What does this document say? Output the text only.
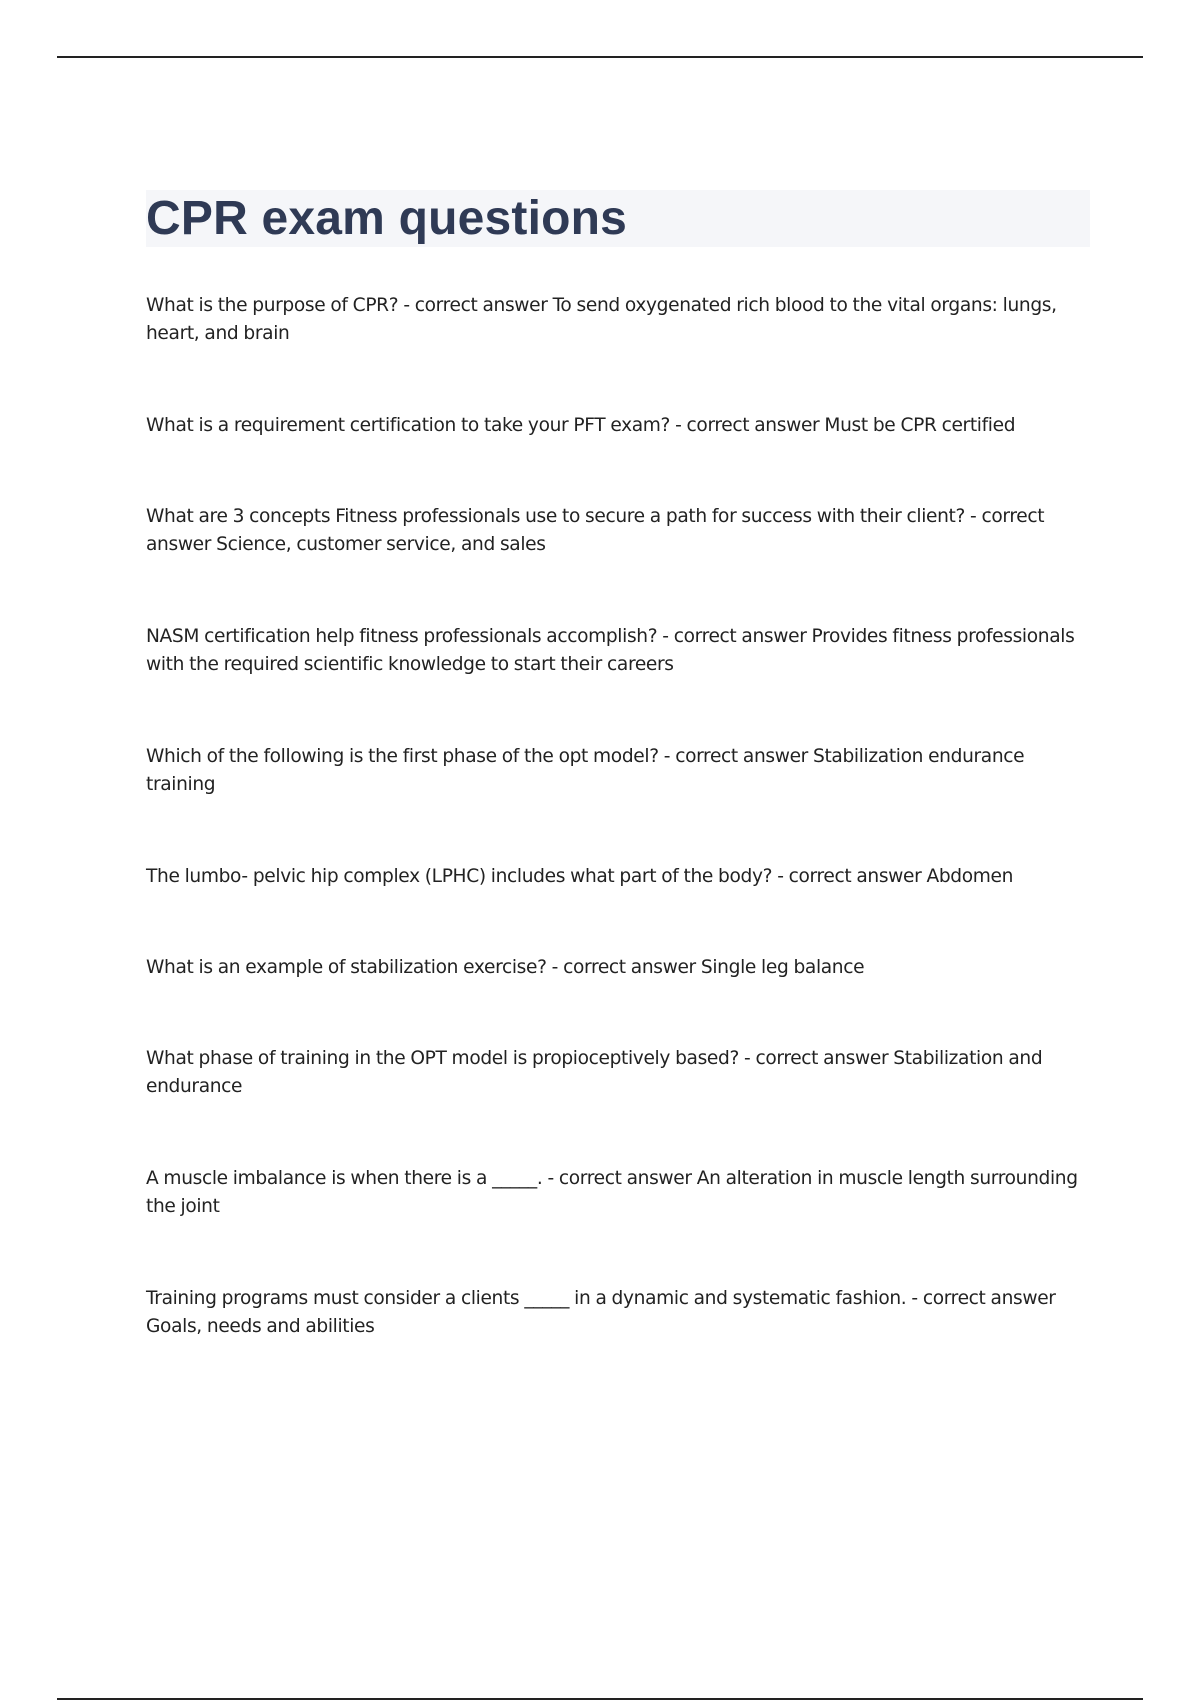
CPR exam questions
What is the purpose of CPR? - correct answer To send oxygenated rich blood to the vital organs: lungs, heart, and brain
What is a requirement certification to take your PFT exam? - correct answer Must be CPR certified
What are 3 concepts Fitness professionals use to secure a path for success with their client? - correct answer Science, customer service, and sales
NASM certification help fitness professionals accomplish? - correct answer Provides fitness professionals with the required scientific knowledge to start their careers
Which of the following is the first phase of the opt model? - correct answer Stabilization endurance training
The lumbo- pelvic hip complex (LPHC) includes what part of the body? - correct answer Abdomen
What is an example of stabilization exercise? - correct answer Single leg balance
What phase of training in the OPT model is propioceptively based? - correct answer Stabilization and endurance
A muscle imbalance is when there is a _____. - correct answer An alteration in muscle length surrounding the joint
Training programs must consider a clients _____ in a dynamic and systematic fashion. - correct answer Goals, needs and abilities
